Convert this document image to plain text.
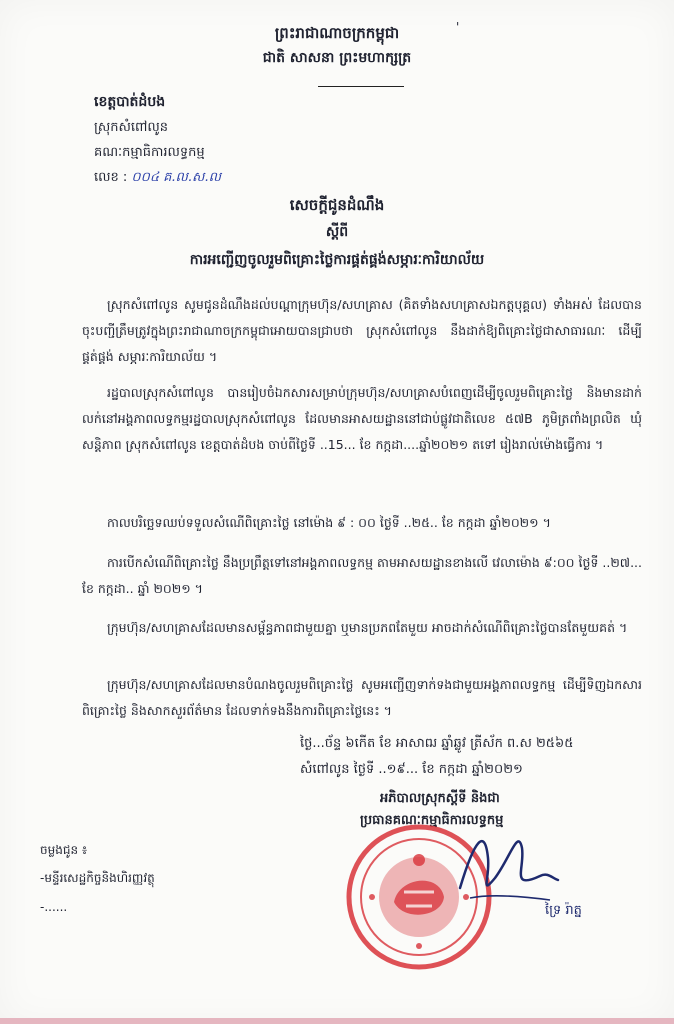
ព្រះរាជាណាចក្រកម្ពុជា	'
ជាតិ សាសនា ព្រះមហាក្សត្រ
ខេត្តបាត់ដំបង
ស្រុកសំពៅលូន
គណៈកម្មាធិការលទ្ធកម្ម
លេខ : ០០៤ គ.ល.ស.ល
សេចក្តីជូនដំណឹង
ស្តីពី
ការអញ្ជើញចូលរួមពិគ្រោះថ្លៃការផ្គត់ផ្គង់សម្ភារៈការិយាល័យ
ស្រុកសំពៅលូន សូមជូនដំណឹងដល់បណ្តាក្រុមហ៊ុន/សហគ្រាស (គិតទាំងសហគ្រាសឯកត្តបុគ្គល) ទាំងអស់ ដែលបានចុះបញ្ជីត្រឹមត្រូវក្នុងព្រះរាជាណាចក្រកម្ពុជាអោយបានជ្រាបថា ស្រុកសំពៅលូន នឹងដាក់ឱ្យពិគ្រោះថ្លៃជាសាធារណៈ ដើម្បីផ្គត់ផ្គង់ សម្ភារៈការិយាល័យ ។
រដ្ឋបាលស្រុកសំពៅលូន បានរៀបចំឯកសារសម្រាប់ក្រុមហ៊ុន/សហគ្រាសបំពេញដើម្បីចូលរួមពិគ្រោះថ្លៃ និងមានដាក់លក់នៅអង្គភាពលទ្ធកម្មរដ្ឋបាលស្រុកសំពៅលូន ដែលមានអាសយដ្ឋាននៅជាប់ផ្លូវជាតិលេខ ៥៧B ភូមិត្រពាំងព្រលិត ឃុំសន្តិភាព ស្រុកសំពៅលូន ខេត្តបាត់ដំបង ចាប់ពីថ្ងៃទី ..15... ខែ កក្កដា....ឆ្នាំ២០២១ តទៅ រៀងរាល់ម៉ោងធ្វើការ ។
កាលបរិច្ឆេទឈប់ទទួលសំណើពិគ្រោះថ្លៃ នៅម៉ោង ៩ : ០០ ថ្ងៃទី ..២៥.. ខែ កក្កដា ឆ្នាំ២០២១ ។
ការបើកសំណើពិគ្រោះថ្លៃ នឹងប្រព្រឹត្តទៅនៅអង្គភាពលទ្ធកម្ម តាមអាសយដ្ឋានខាងលើ វេលាម៉ោង ៩:០០ ថ្ងៃទី ..២៧... ខែ កក្កដា.. ឆ្នាំ ២០២១ ។
ក្រុមហ៊ុន/សហគ្រាសដែលមានសម្ព័ន្ធភាពជាមួយគ្នា ឬមានប្រភពតែមួយ អាចដាក់សំណើពិគ្រោះថ្លៃបានតែមួយគត់ ។
ក្រុមហ៊ុន/សហគ្រាសដែលមានបំណងចូលរួមពិគ្រោះថ្លៃ សូមអញ្ជើញទាក់ទងជាមួយអង្គភាពលទ្ធកម្ម ដើម្បីទិញឯកសារពិគ្រោះថ្លៃ និងសាកសួរព័ត៌មាន ដែលទាក់ទងនឹងការពិគ្រោះថ្លៃនេះ ។
ថ្ងៃ...ច័ន្ទ ៦កើត ខែ អាសាឍ ឆ្នាំឆ្លូវ ត្រីស័ក ព.ស ២៥៦៥
សំពៅលូន ថ្ងៃទី ..១៩... ខែ កក្កដា ឆ្នាំ២០២១
អភិបាលស្រុកស្តីទី និងជា
ប្រធានគណៈកម្មាធិការលទ្ធកម្ម
ទ្រៃ រ៉ាត្ន
ចម្លងជូន ៖
-មន្ទីរសេដ្ឋកិច្ចនិងហិរញ្ញវត្ថុ
-......
